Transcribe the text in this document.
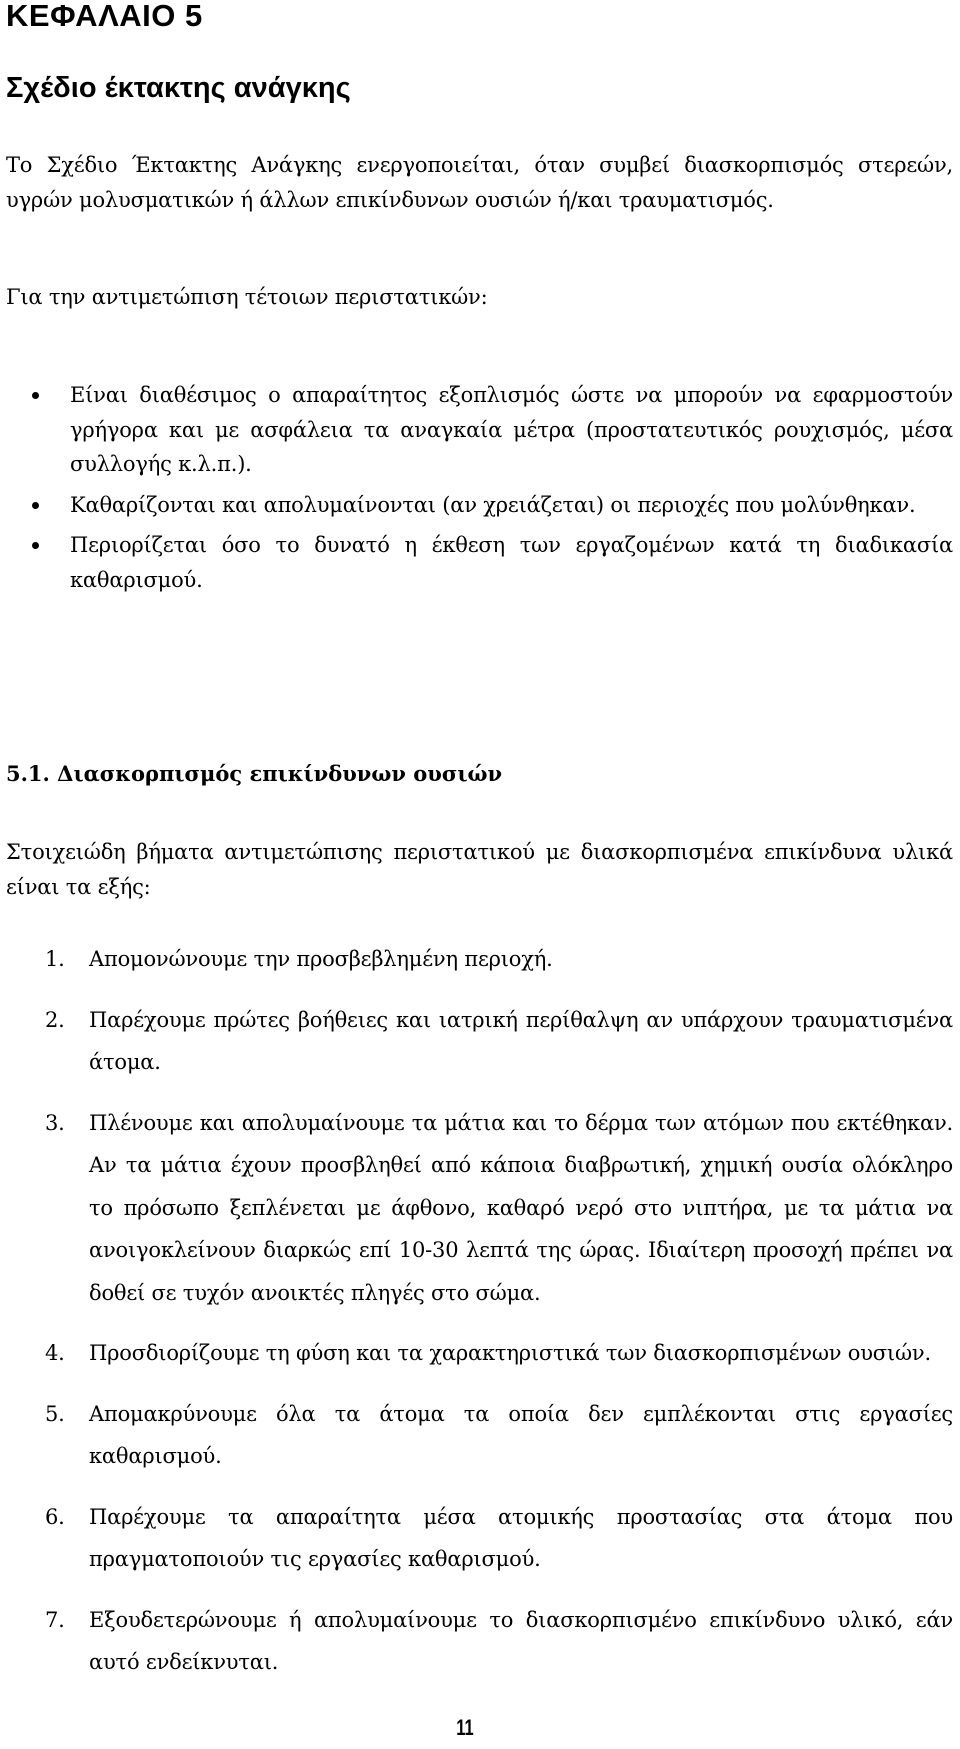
ΚΕΦΑΛΑΙΟ 5
Σχέδιο έκτακτης ανάγκης

Το Σχέδιο Έκτακτης Ανάγκης ενεργοποιείται, όταν συμβεί διασκορπισμός στερεών, υγρών μολυσματικών ή άλλων επικίνδυνων ουσιών ή/και τραυματισμός.

Για την αντιμετώπιση τέτοιων περιστατικών:

Είναι διαθέσιμος ο απαραίτητος εξοπλισμός ώστε να μπορούν να εφαρμοστούν γρήγορα και με ασφάλεια τα αναγκαία μέτρα (προστατευτικός ρουχισμός, μέσα συλλογής κ.λ.π.).
Καθαρίζονται και απολυμαίνονται (αν χρειάζεται) οι περιοχές που μολύνθηκαν.
Περιορίζεται όσο το δυνατό η έκθεση των εργαζομένων κατά τη διαδικασία καθαρισμού.
5.1. Διασκορπισμός επικίνδυνων ουσιών

Στοιχειώδη βήματα αντιμετώπισης περιστατικού με διασκορπισμένα επικίνδυνα υλικά είναι τα εξής:

1. Απομονώνουμε την προσβεβλημένη περιοχή.
2. Παρέχουμε πρώτες βοήθειες και ιατρική περίθαλψη αν υπάρχουν τραυματισμένα άτομα.
3. Πλένουμε και απολυμαίνουμε τα μάτια και το δέρμα των ατόμων που εκτέθηκαν. Αν τα μάτια έχουν προσβληθεί από κάποια διαβρωτική, χημική ουσία ολόκληρο το πρόσωπο ξεπλένεται με άφθονο, καθαρό νερό στο νιπτήρα, με τα μάτια να ανοιγοκλείνουν διαρκώς επί 10-30 λεπτά της ώρας. Ιδιαίτερη προσοχή πρέπει να δοθεί σε τυχόν ανοικτές πληγές στο σώμα.
4. Προσδιορίζουμε τη φύση και τα χαρακτηριστικά των διασκορπισμένων ουσιών.
5. Απομακρύνουμε όλα τα άτομα τα οποία δεν εμπλέκονται στις εργασίες καθαρισμού.
6. Παρέχουμε τα απαραίτητα μέσα ατομικής προστασίας στα άτομα που πραγματοποιούν τις εργασίες καθαρισμού.
7. Εξουδετερώνουμε ή απολυμαίνουμε το διασκορπισμένο επικίνδυνο υλικό, εάν αυτό ενδείκνυται.

11
